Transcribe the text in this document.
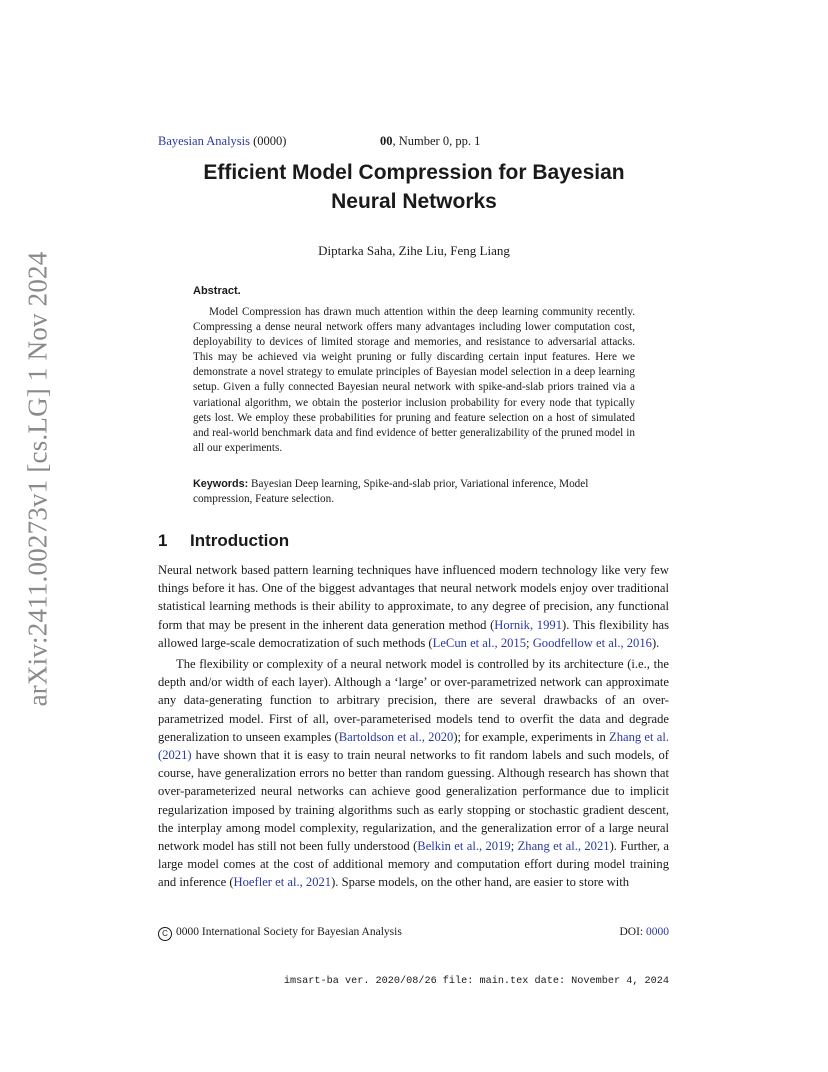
arXiv:2411.00273v1 [cs.LG] 1 Nov 2024
Bayesian Analysis (0000)	00, Number 0, pp. 1
Efficient Model Compression for Bayesian
Neural Networks
Diptarka Saha, Zihe Liu, Feng Liang
Abstract.
Model Compression has drawn much attention within the deep learning community recently. Compressing a dense neural network offers many advantages including lower computation cost, deployability to devices of limited storage and memories, and resistance to adversarial attacks. This may be achieved via weight pruning or fully discarding certain input features. Here we demonstrate a novel strategy to emulate principles of Bayesian model selection in a deep learning setup. Given a fully connected Bayesian neural network with spike-and-slab priors trained via a variational algorithm, we obtain the posterior inclusion probability for every node that typically gets lost. We employ these probabilities for pruning and feature selection on a host of simulated and real-world benchmark data and find evidence of better generalizability of the pruned model in all our experiments.
Keywords: Bayesian Deep learning, Spike-and-slab prior, Variational inference, Model compression, Feature selection.
1 Introduction

Neural network based pattern learning techniques have influenced modern technology like very few things before it has. One of the biggest advantages that neural network models enjoy over traditional statistical learning methods is their ability to approximate, to any degree of precision, any functional form that may be present in the inherent data generation method (Hornik, 1991). This flexibility has allowed large-scale democratization of such methods (LeCun et al., 2015; Goodfellow et al., 2016).

The flexibility or complexity of a neural network model is controlled by its architecture (i.e., the depth and/or width of each layer). Although a ‘large’ or over-parametrized network can approximate any data-generating function to arbitrary precision, there are several drawbacks of an over-parametrized model. First of all, over-parameterised models tend to overfit the data and degrade generalization to unseen examples (Bartoldson et al., 2020); for example, experiments in Zhang et al. (2021) have shown that it is easy to train neural networks to fit random labels and such models, of course, have generalization errors no better than random guessing. Although research has shown that over-parameterized neural networks can achieve good generalization performance due to implicit regularization imposed by training algorithms such as early stopping or stochastic gradient descent, the interplay among model complexity, regularization, and the generalization error of a large neural network model has still not been fully understood (Belkin et al., 2019; Zhang et al., 2021). Further, a large model comes at the cost of additional memory and computation effort during model training and inference (Hoefler et al., 2021). Sparse models, on the other hand, are easier to store with

C 0000 International Society for Bayesian Analysis	DOI: 0000
imsart-ba ver. 2020/08/26 file: main.tex date: November 4, 2024
